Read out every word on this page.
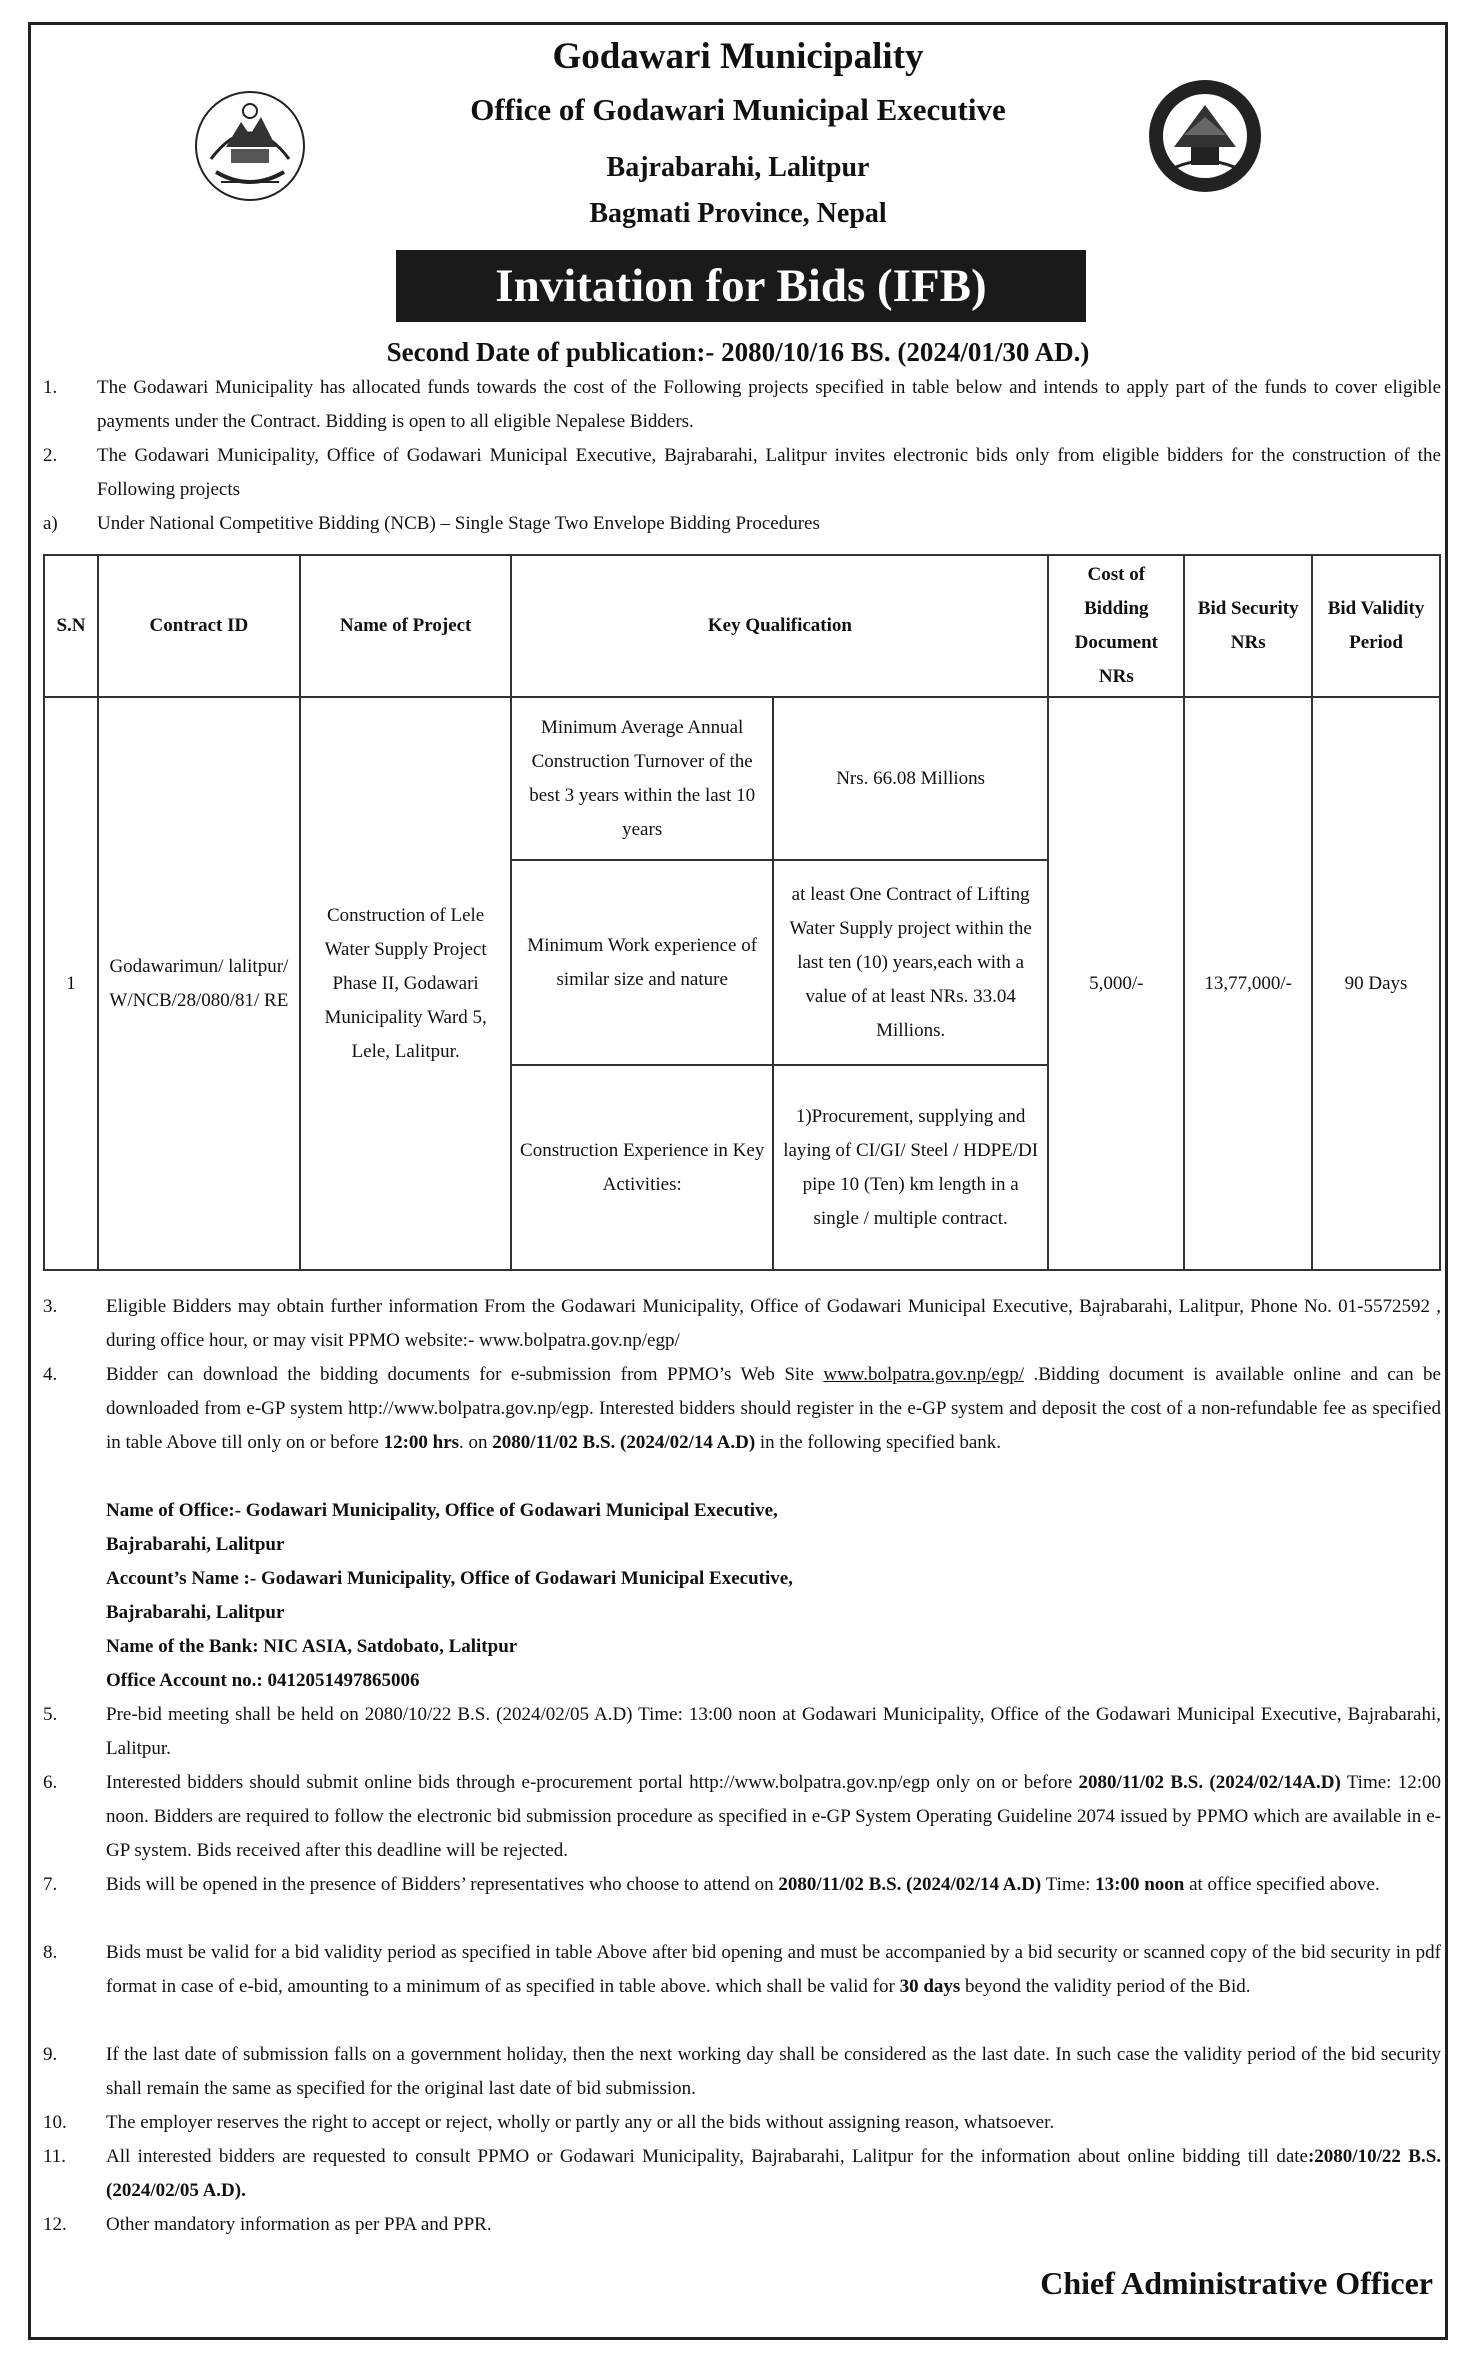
Godawari Municipality
Office of Godawari Municipal Executive
Bajrabarahi, Lalitpur
Bagmati Province, Nepal
Invitation for Bids (IFB)
Second Date of publication:- 2080/10/16 BS. (2024/01/30 AD.)
1. The Godawari Municipality has allocated funds towards the cost of the Following projects specified in table below and intends to apply part of the funds to cover eligible payments under the Contract. Bidding is open to all eligible Nepalese Bidders.
2. The Godawari Municipality, Office of Godawari Municipal Executive, Bajrabarahi, Lalitpur invites electronic bids only from eligible bidders for the construction of the Following projects
a) Under National Competitive Bidding (NCB) – Single Stage Two Envelope Bidding Procedures
S.N	Contract ID	Name of Project	Key Qualification		Cost of Bidding Document NRs	Bid Security NRs	Bid Validity Period
1	Godawarimun/ lalitpur/ W/NCB/28/080/81/ RE	Construction of Lele Water Supply Project Phase II, Godawari Municipality Ward 5, Lele, Lalitpur.	Minimum Average Annual Construction Turnover of the best 3 years within the last 10 years	Nrs. 66.08 Millions	5,000/-	13,77,000/-	90 Days
			Minimum Work experience of similar size and nature	at least One Contract of Lifting Water Supply project within the last ten (10) years,each with a value of at least NRs. 33.04 Millions.			
			Construction Experience in Key Activities:	1)Procurement, supplying and laying of CI/GI/ Steel / HDPE/DI pipe 10 (Ten) km length in a single / multiple contract.			
3.	Eligible Bidders may obtain further information From the Godawari Municipality, Office of Godawari Municipal Executive, Bajrabarahi, Lalitpur, Phone No. 01-5572592 , during office hour, or may visit PPMO website:- www.bolpatra.gov.np/egp/
4.	Bidder can download the bidding documents for e-submission from PPMO’s Web Site www.bolpatra.gov.np/egp/ .Bidding document is available online and can be downloaded from e-GP system http://www.bolpatra.gov.np/egp. Interested bidders should register in the e-GP system and deposit the cost of a non-refundable fee as specified in table Above till only on or before 12:00 hrs. on 2080/11/02 B.S. (2024/02/14 A.D) in the following specified bank.
Name of Office:- Godawari Municipality, Office of Godawari Municipal Executive,
Bajrabarahi, Lalitpur
Account’s Name :- Godawari Municipality, Office of Godawari Municipal Executive,
Bajrabarahi, Lalitpur
Name of the Bank: NIC ASIA, Satdobato, Lalitpur
Office Account no.: 0412051497865006
5.	Pre-bid meeting shall be held on 2080/10/22 B.S. (2024/02/05 A.D) Time: 13:00 noon at Godawari Municipality, Office of the Godawari Municipal Executive, Bajrabarahi, Lalitpur.
6.	Interested bidders should submit online bids through e-procurement portal http://www.bolpatra.gov.np/egp only on or before 2080/11/02 B.S. (2024/02/14A.D) Time: 12:00 noon. Bidders are required to follow the electronic bid submission procedure as specified in e-GP System Operating Guideline 2074 issued by PPMO which are available in e-GP system. Bids received after this deadline will be rejected.
7.	Bids will be opened in the presence of Bidders’ representatives who choose to attend on 2080/11/02 B.S. (2024/02/14 A.D) Time: 13:00 noon at office specified above.
8.	Bids must be valid for a bid validity period as specified in table Above after bid opening and must be accompanied by a bid security or scanned copy of the bid security in pdf format in case of e-bid, amounting to a minimum of as specified in table above. which shall be valid for 30 days beyond the validity period of the Bid.
9.	If the last date of submission falls on a government holiday, then the next working day shall be considered as the last date. In such case the validity period of the bid security shall remain the same as specified for the original last date of bid submission.
10. The employer reserves the right to accept or reject, wholly or partly any or all the bids without assigning reason, whatsoever.
11. All interested bidders are requested to consult PPMO or Godawari Municipality, Bajrabarahi, Lalitpur for the information about online bidding till date:2080/10/22 B.S. (2024/02/05 A.D).
12. Other mandatory information as per PPA and PPR.
Chief Administrative Officer
